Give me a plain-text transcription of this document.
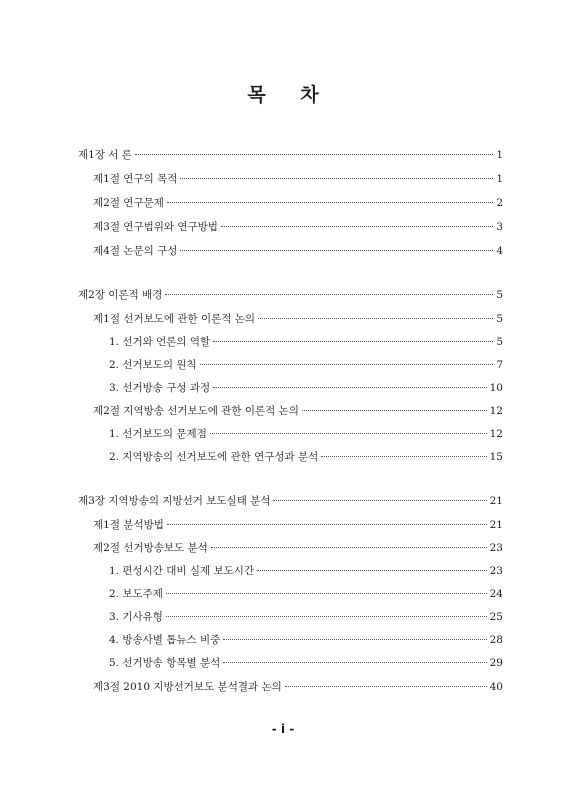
목 차
제1장 서 론	1
제1절 연구의 목적	1
제2절 연구문제	2
제3절 연구범위와 연구방법	3
제4절 논문의 구성	4
제2장 이론적 배경	5
제1절 선거보도에 관한 이론적 논의	5
1. 선거와 언론의 역할	5
2. 선거보도의 원칙	7
3. 선거방송 구성 과정	10
제2절 지역방송 선거보도에 관한 이론적 논의	12
1. 선거보도의 문제점	12
2. 지역방송의 선거보도에 관한 연구성과 분석	15
제3장 지역방송의 지방선거 보도실태 분석	21
제1절 분석방법	21
제2절 선거방송보도 분석	23
1. 편성시간 대비 실제 보도시간	23
2. 보도주제	24
3. 기사유형	25
4. 방송사별 톱뉴스 비중	28
5. 선거방송 항목별 분석	29
제3절 2010 지방선거보도 분석결과 논의	40
- i -
